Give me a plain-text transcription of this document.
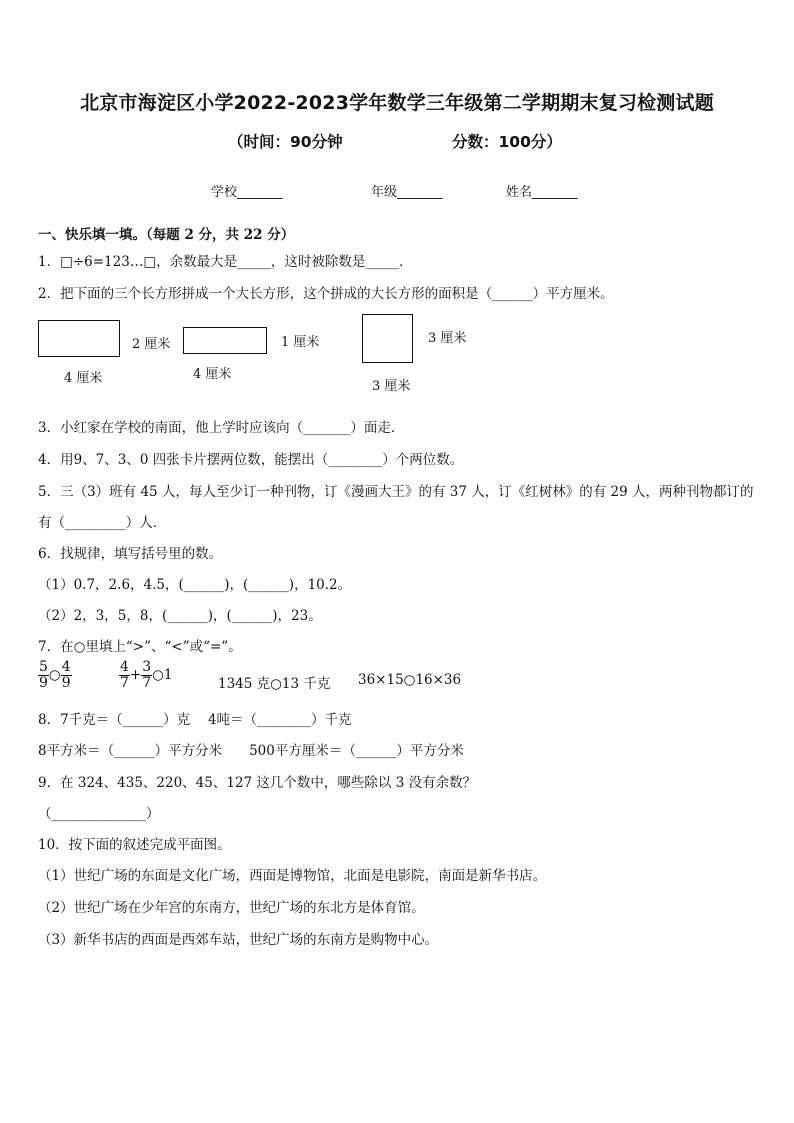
北京市海淀区小学2022-2023学年数学三年级第二学期期末复习检测试题
（时间：90分钟	分数：100分）
学校_______	年级_______	姓名_______
一、快乐填一填。（每题 2 分，共 22 分）
1．□÷6=123…□，余数最大是_____，这时被除数是_____．
2．把下面的三个长方形拼成一个大长方形，这个拼成的大长方形的面积是（______）平方厘米。
2 厘米
4 厘米
1 厘米
4 厘米
3 厘米
3 厘米
3．小红家在学校的南面，他上学时应该向（_______）面走．
4．用9、7、3、0 四张卡片摆两位数，能摆出（________）个两位数。
5．三（3）班有 45 人，每人至少订一种刊物，订《漫画大王》的有 37 人，订《红树林》的有 29 人，两种刊物都订的
有（_________）人．
6．找规律，填写括号里的数。
（1）0.7，2.6，4.5，(______)，(______)，10.2。
（2）2，3，5，8，(______)，(______)，23。
7．在○里填上“>”、“<”或“=”。
$\frac{5}{9}$ ○ $\frac{4}{9}$	$\frac{4}{7} + \frac{3}{7}$ ○1
1345 克○13 千克 36×15○16×36
8．7千克＝（______）克　 4吨＝（________）千克
8平方米＝（______）平方分米　　500平方厘米＝（______）平方分米
9．在 324、435、220、45、127 这几个数中，哪些除以 3 没有余数？
（______________）
10．按下面的叙述完成平面图。
（1）世纪广场的东面是文化广场，西面是博物馆，北面是电影院，南面是新华书店。
（2）世纪广场在少年宫的东南方，世纪广场的东北方是体育馆。
（3）新华书店的西面是西郊车站，世纪广场的东南方是购物中心。
